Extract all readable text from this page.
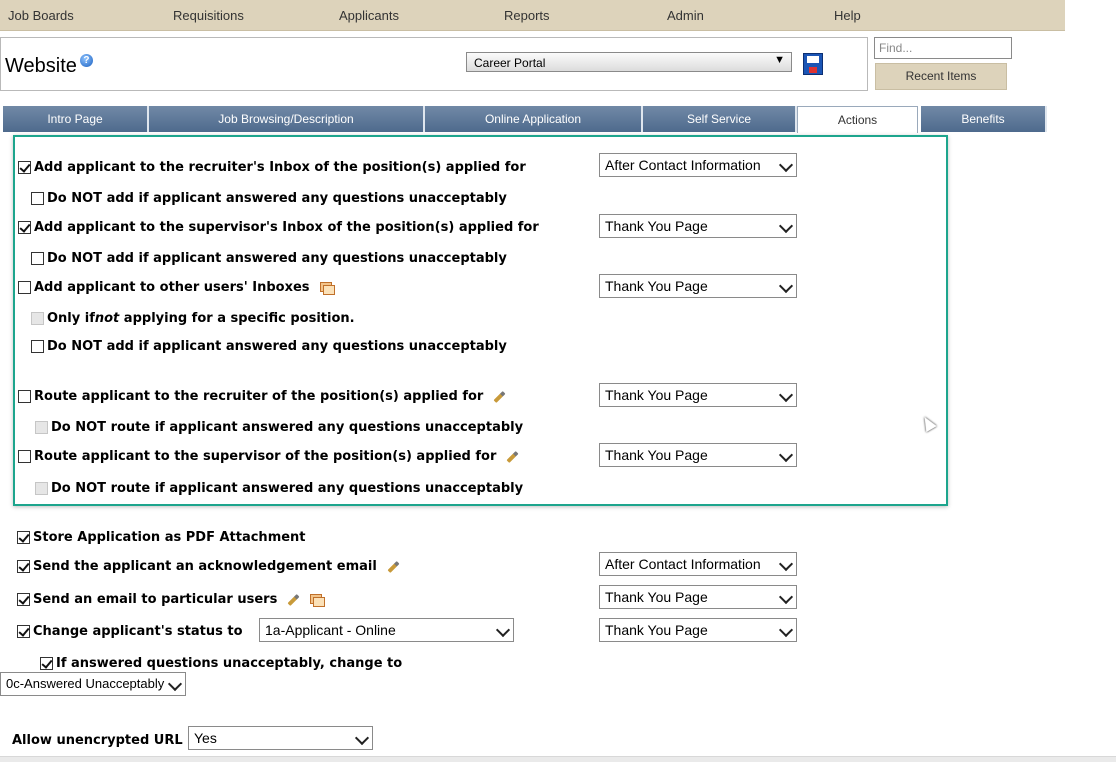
Job Boards	Requisitions	Applicants	Reports	Admin	Help
Website ?	Career Portal	▼
Find...
Recent Items
Intro Page	Job Browsing/Description	Online Application	Self Service	Actions	Benefits
Add applicant to the recruiter's Inbox of the position(s) applied for	After Contact Information
Do NOT add if applicant answered any questions unacceptably
Add applicant to the supervisor's Inbox of the position(s) applied for	Thank You Page
Do NOT add if applicant answered any questions unacceptably
Add applicant to other users' Inboxes	Thank You Page
Only if not applying for a specific position.
Do NOT add if applicant answered any questions unacceptably
Route applicant to the recruiter of the position(s) applied for	Thank You Page
Do NOT route if applicant answered any questions unacceptably
Route applicant to the supervisor of the position(s) applied for	Thank You Page
Do NOT route if applicant answered any questions unacceptably
Store Application as PDF Attachment
Send the applicant an acknowledgement email	After Contact Information
Send an email to particular users	Thank You Page
Change applicant's status to	1a-Applicant - Online	Thank You Page
If answered questions unacceptably, change to
0c-Answered Unacceptably
Allow unencrypted URL Yes
